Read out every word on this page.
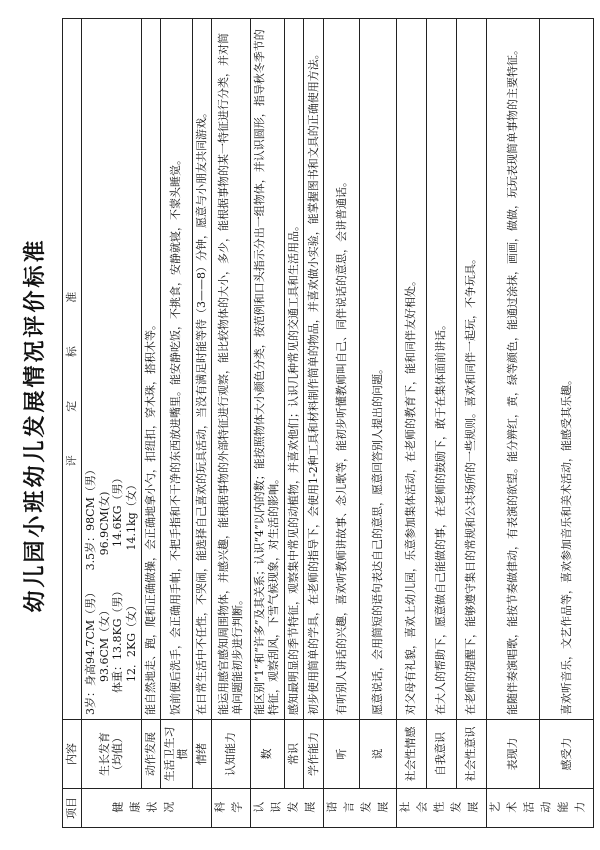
幼儿园小班幼儿发展情况评价标准
项目	内容	评 定 标 准

健康状况	生长发育（均值）	3岁：身高94.7CM（男）　　3.5岁：98CM（男） 　　　93.6CM（女）　　　　　96.9CM(女) 　　体重：13.8KG（男）　　　　14.6KG（男） 　　　12．2KG（女）　　　　　14.1kg（女）

	动作发展	能自然地走、跑，爬和正确做操，会正确地拿小勺，扣纽扣，穿木珠，搭积木等。
	生活卫生习惯	饭前便后洗手，会正确用手帕，不把手指和不干净的东西放进嘴里。能安静吃饭，不挑食，安静就寝，不蒙头睡觉。
	情绪	在日常生活中不任性，不哭闹，能选择自己喜欢的玩具活动，当没有满足时能等待（3——8）分钟，愿意与小朋友共同游戏。

科学	认知能力	能运用感官感知周围物体，并感兴趣，能根据事物的外部特征进行观察，能比较物体的大小，多少，能根据事物的某一特征进行分类，并对简单问题能初步进行判断。

认识发展	数	能区别“1”和“许多”及其关系；认识“4”以内的数；能按照物体大小颜色分类，按范例和口头指示分出一组物体，并认识圆形，指导秋冬季节的特征，观察刮风，下雪气候现象，对生活的影响。
	常识	感知最明显的季节特征，观察集中常见的动植物，并喜欢他们；认识几种常见的交通工具和生活用品。
	学作能力	初步使用简单的学具，在老师的指导下，会使用1-2种工具和材料制作简单的物品，并喜欢做小实验，能掌握图书和文具的正确使用方法。

语言发展	听	有听别人讲话的兴趣，喜欢听教师讲故事、念儿歌等，能初步听懂教师叫自己、同伴说话的意思，会讲普通话。
	说	愿意说话，会用简短的语句表达自己的意思，愿意回答别人提出的问题。

社会性发展	社会性情感	对父母有礼貌，喜欢上幼儿园，乐意参加集体活动，在老师的教育下，能和同伴友好相处。
	自我意识	在大人的帮助下，愿意做自己能做的事，在老师的鼓励下，敢于在集体面前讲话。
	社会性意识	在老师的提醒下，能够遵守集日的常规和公共场所的一些规则。喜欢和同伴一起玩，不争玩具。

艺术活动能力	表现力	能随伴奏演唱歌，能按节奏做律动，有表演的欲望。能分辨红，黄，绿等颜色，能通过涂抹，画画，做做，玩玩表现简单事物的主要特征。
	感受力	喜欢听音乐，文艺作品等，喜欢参加音乐和美术活动，能感受其乐趣。
